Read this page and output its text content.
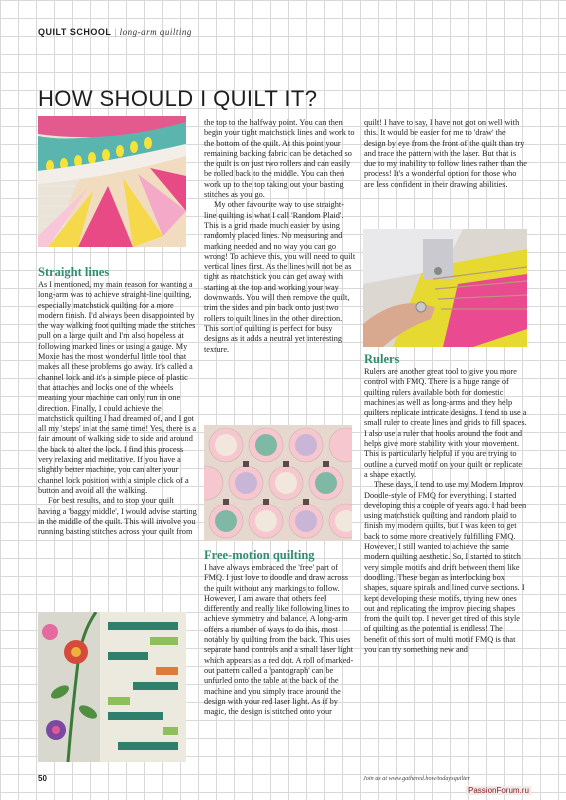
QUILT SCHOOL | long-arm quilting
HOW SHOULD I QUILT IT?
Straight lines

As I mentioned, my main reason for wanting a long-arm was to achieve straight-line quilting, especially matchstick quilting for a more modern finish. I'd always been disappointed by the way walking foot quilting made the stitches pull on a large quilt and I'm also hopeless at following marked lines or using a gauge. My Moxie has the most wonderful little tool that makes all these problems go away. It's called a channel lock and it's a simple piece of plastic that attaches and locks one of the wheels meaning your machine can only run in one direction. Finally, I could achieve the matchstick quilting I had dreamed of, and I got all my 'steps' in at the same time! Yes, there is a fair amount of walking side to side and around the back to alter the lock. I find this process very relaxing and meditative. If you have a slightly better machine, you can alter your channel lock position with a simple click of a button and avoid all the walking.

For best results, and to stop your quilt having a 'baggy middle', I would advise starting in the middle of the quilt. This will involve you running basting stitches across your quilt from

the top to the halfway point. You can then begin your tight matchstick lines and work to the bottom of the quilt. At this point your remaining backing fabric can be detached so the quilt is on just two rollers and can easily be rolled back to the middle. You can then work up to the top taking out your basting stitches as you go.

My other favourite way to use straight-line quilting is what I call 'Random Plaid'. This is a grid made much easier by using randomly placed lines. No measuring and marking needed and no way you can go wrong! To achieve this, you will need to quilt vertical lines first. As the lines will not be as tight as matchstick you can get away with starting at the top and working your way downwards. You will then remove the quilt, trim the sides and pin back onto just two rollers to quilt lines in the other direction. This sort of quilting is perfect for busy designs as it adds a neutral yet interesting texture.

Free-motion quilting

I have always embraced the 'free' part of FMQ. I just love to doodle and draw across the quilt without any markings to follow. However, I am aware that others feel differently and really like following lines to achieve symmetry and balance. A long-arm offers a number of ways to do this, most notably by quilting from the back. This uses separate hand controls and a small laser light which appears as a red dot. A roll of marked-out pattern called a 'pantograph' can be unfurled onto the table at the back of the machine and you simply trace around the design with your red laser light. As if by magic, the design is stitched onto your

quilt! I have to say, I have not got on well with this. It would be easier for me to 'draw' the design by eye from the front of the quilt than try and trace the pattern with the laser. But that is due to my inability to follow lines rather than the process! It's a wonderful option for those who are less confident in their drawing abilities.

Rulers

Rulers are another great tool to give you more control with FMQ. There is a huge range of quilting rulers available both for domestic machines as well as long-arms and they help quilters replicate intricate designs. I tend to use a small ruler to create lines and grids to fill spaces. I also use a ruler that hooks around the foot and helps give more stability with your movement. This is particularly helpful if you are trying to outline a curved motif on your quilt or replicate a shape exactly.

These days, I tend to use my Modern Improv Doodle-style of FMQ for everything. I started developing this a couple of years ago. I had been using matchstick quilting and random plaid to finish my modern quilts, but I was keen to get back to some more creatively fulfilling FMQ. However, I still wanted to achieve the same modern quilting aesthetic. So, I started to stitch very simple motifs and drift between them like doodling. These began as interlocking box shapes, square spirals and lined curve sections. I kept developing these motifs, trying new ones out and replicating the improv piecing shapes from the quilt top. I never get tired of this style of quilting as the potential is endless! The benefit of this sort of multi motif FMQ is that you can try something new and

50	Join us at www.gathered.how/todaysquilter
PassionForum.ru
